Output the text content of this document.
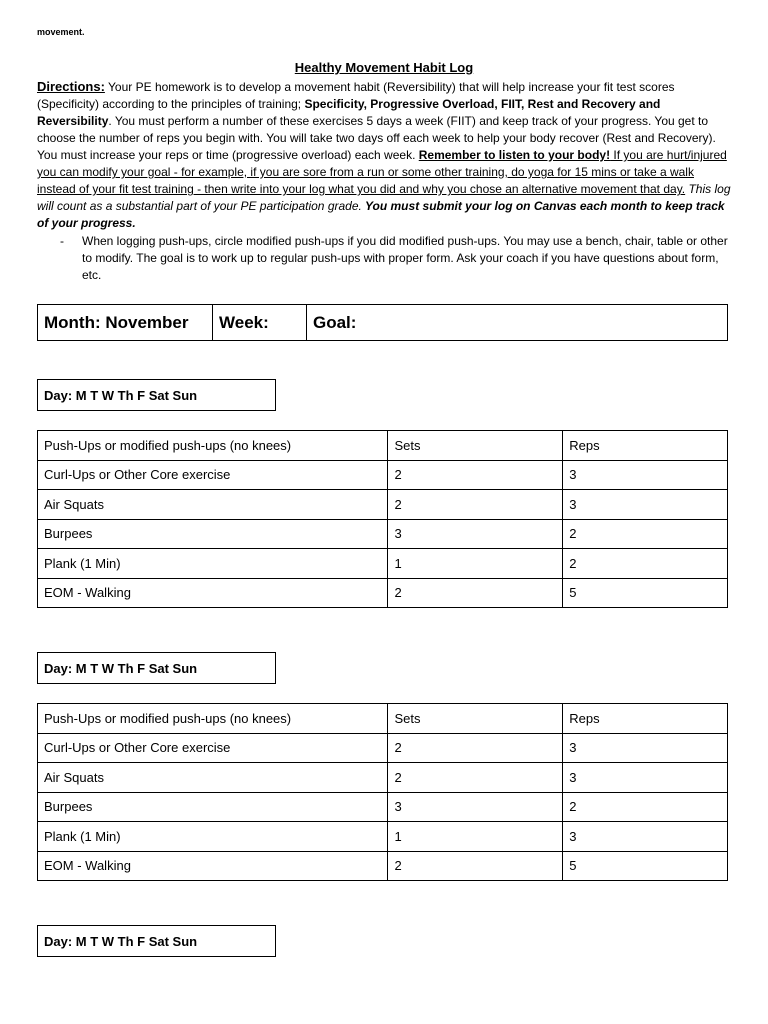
movement.
Healthy Movement Habit Log
Directions: Your PE homework is to develop a movement habit (Reversibility) that will help increase your fit test scores (Specificity) according to the principles of training; Specificity, Progressive Overload, FIIT, Rest and Recovery and Reversibility. You must perform a number of these exercises 5 days a week (FIIT) and keep track of your progress. You get to choose the number of reps you begin with. You will take two days off each week to help your body recover (Rest and Recovery). You must increase your reps or time (progressive overload) each week. Remember to listen to your body! If you are hurt/injured you can modify your goal - for example, if you are sore from a run or some other training, do yoga for 15 mins or take a walk instead of your fit test training - then write into your log what you did and why you chose an alternative movement that day. This log will count as a substantial part of your PE participation grade. You must submit your log on Canvas each month to keep track of your progress.
- When logging push-ups, circle modified push-ups if you did modified push-ups. You may use a bench, chair, table or other to modify. The goal is to work up to regular push-ups with proper form. Ask your coach if you have questions about form, etc.
Month: November	Week:	Goal:
Day: M T W Th F Sat Sun
Push-Ups or modified push-ups (no knees)	Sets	Reps
Curl-Ups or Other Core exercise	2	3
Air Squats	2	3
Burpees	3	2
Plank (1 Min)	1	2
EOM - Walking	2	5
Day: M T W Th F Sat Sun
Push-Ups or modified push-ups (no knees)	Sets	Reps
Curl-Ups or Other Core exercise	2	3
Air Squats	2	3
Burpees	3	2
Plank (1 Min)	1	3
EOM - Walking	2	5
Day: M T W Th F Sat Sun
